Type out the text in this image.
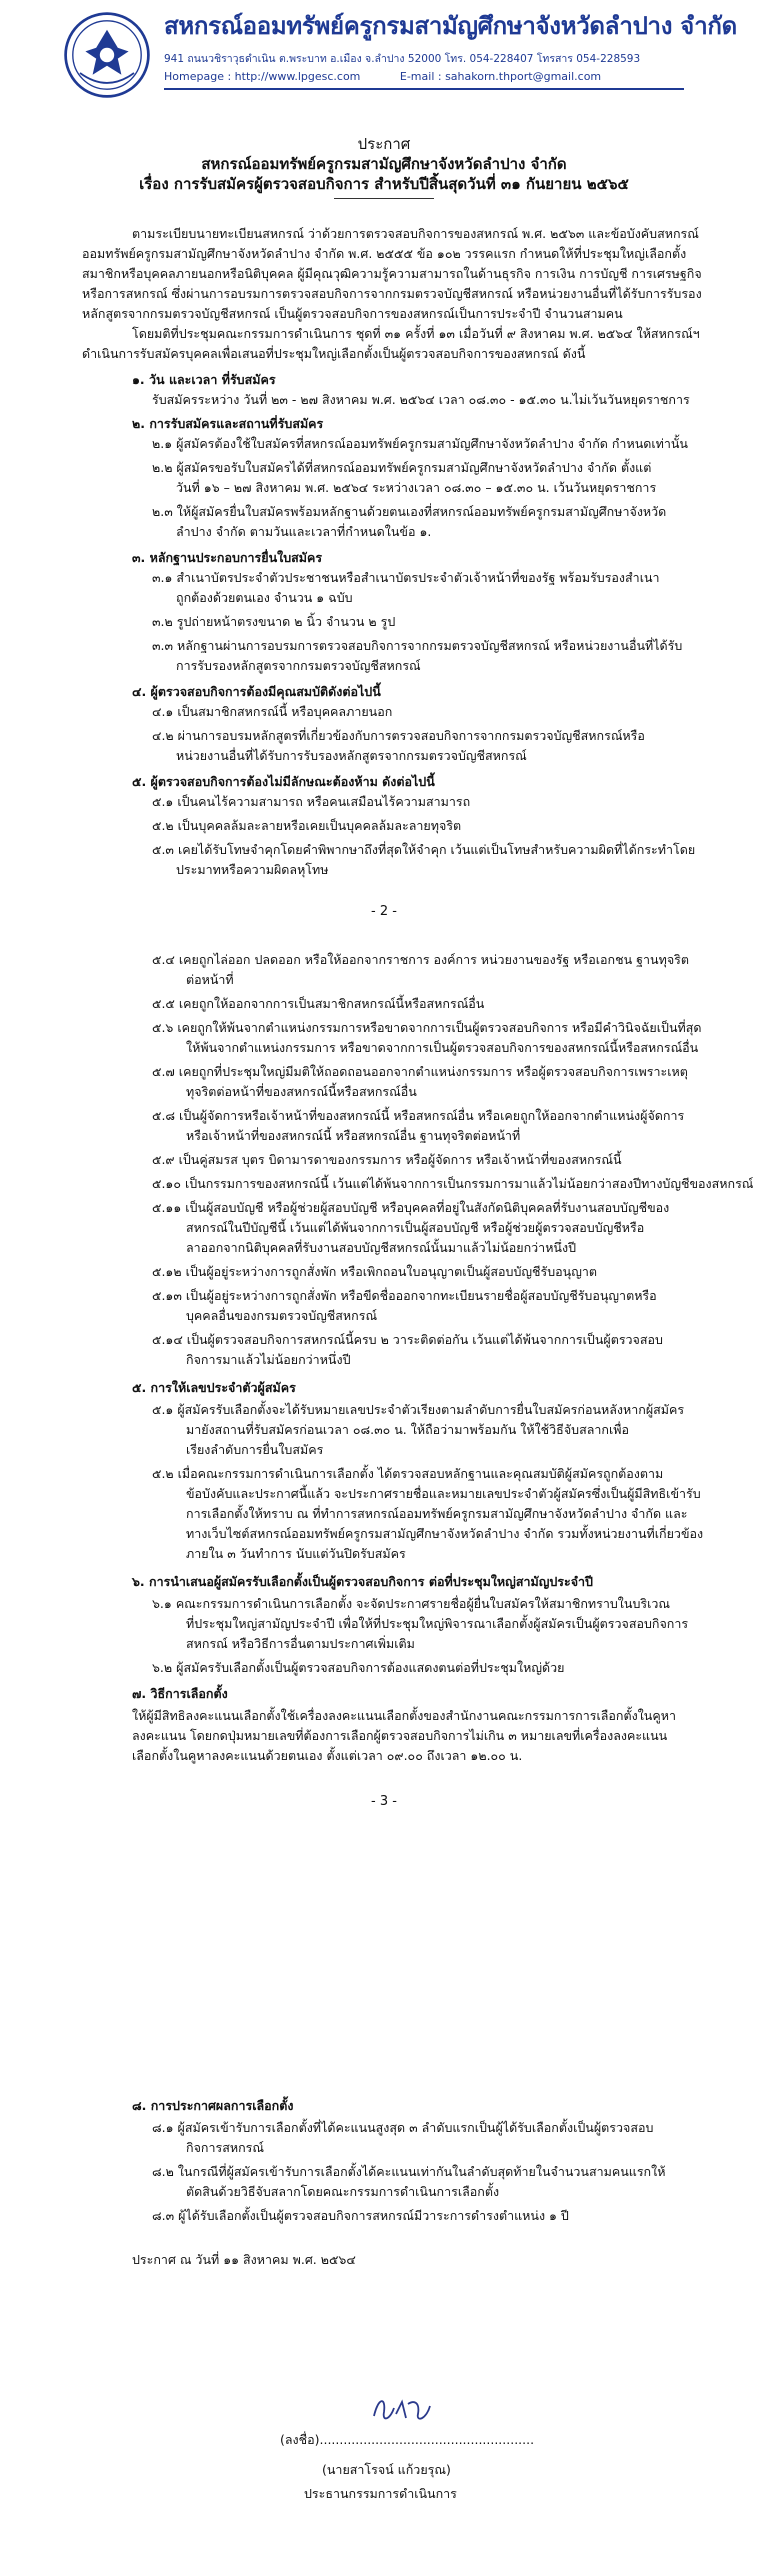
สหกรณ์ออมทรัพย์ครูกรมสามัญศึกษาจังหวัดลำปาง จำกัด
941 ถนนวชิราวุธดำเนิน ต.พระบาท อ.เมือง จ.ลำปาง 52000 โทร. 054-228407 โทรสาร 054-228593
Homepage : http://www.lpgesc.com	E-mail : sahakorn.thport@gmail.com
ประกาศ
สหกรณ์ออมทรัพย์ครูกรมสามัญศึกษาจังหวัดลำปาง จำกัด
เรื่อง การรับสมัครผู้ตรวจสอบกิจการ สำหรับปีสิ้นสุดวันที่ ๓๑ กันยายน ๒๕๖๕
ตามระเบียบนายทะเบียนสหกรณ์ ว่าด้วยการตรวจสอบกิจการของสหกรณ์ พ.ศ. ๒๕๖๓ และข้อบังคับสหกรณ์
ออมทรัพย์ครูกรมสามัญศึกษาจังหวัดลำปาง จำกัด พ.ศ. ๒๕๕๕ ข้อ ๑๐๒ วรรคแรก กำหนดให้ที่ประชุมใหญ่เลือกตั้ง
สมาชิกหรือบุคคลภายนอกหรือนิติบุคคล ผู้มีคุณวุฒิความรู้ความสามารถในด้านธุรกิจ การเงิน การบัญชี การเศรษฐกิจ
หรือการสหกรณ์ ซึ่งผ่านการอบรมการตรวจสอบกิจการจากกรมตรวจบัญชีสหกรณ์ หรือหน่วยงานอื่นที่ได้รับการรับรอง
หลักสูตรจากกรมตรวจบัญชีสหกรณ์ เป็นผู้ตรวจสอบกิจการของสหกรณ์เป็นการประจำปี จำนวนสามคน
โดยมติที่ประชุมคณะกรรมการดำเนินการ ชุดที่ ๓๑ ครั้งที่ ๑๓ เมื่อวันที่ ๙ สิงหาคม พ.ศ. ๒๕๖๔ ให้สหกรณ์ฯ
ดำเนินการรับสมัครบุคคลเพื่อเสนอที่ประชุมใหญ่เลือกตั้งเป็นผู้ตรวจสอบกิจการของสหกรณ์ ดังนี้
๑. วัน และเวลา ที่รับสมัคร
รับสมัครระหว่าง วันที่ ๒๓ - ๒๗ สิงหาคม พ.ศ. ๒๕๖๔ เวลา ๐๘.๓๐ - ๑๕.๓๐ น.ไม่เว้นวันหยุดราชการ
๒. การรับสมัครและสถานที่รับสมัคร
๒.๑ ผู้สมัครต้องใช้ใบสมัครที่สหกรณ์ออมทรัพย์ครูกรมสามัญศึกษาจังหวัดลำปาง จำกัด กำหนดเท่านั้น
๒.๒ ผู้สมัครขอรับใบสมัครได้ที่สหกรณ์ออมทรัพย์ครูกรมสามัญศึกษาจังหวัดลำปาง จำกัด ตั้งแต่
วันที่ ๑๖ – ๒๗ สิงหาคม พ.ศ. ๒๕๖๔ ระหว่างเวลา ๐๘.๓๐ – ๑๕.๓๐ น. เว้นวันหยุดราชการ
๒.๓ ให้ผู้สมัครยื่นใบสมัครพร้อมหลักฐานด้วยตนเองที่สหกรณ์ออมทรัพย์ครูกรมสามัญศึกษาจังหวัด
ลำปาง จำกัด ตามวันและเวลาที่กำหนดในข้อ ๑.
๓. หลักฐานประกอบการยื่นใบสมัคร
๓.๑ สำเนาบัตรประจำตัวประชาชนหรือสำเนาบัตรประจำตัวเจ้าหน้าที่ของรัฐ พร้อมรับรองสำเนา
ถูกต้องด้วยตนเอง จำนวน ๑ ฉบับ
๓.๒ รูปถ่ายหน้าตรงขนาด ๒ นิ้ว จำนวน ๒ รูป
๓.๓ หลักฐานผ่านการอบรมการตรวจสอบกิจการจากกรมตรวจบัญชีสหกรณ์ หรือหน่วยงานอื่นที่ได้รับ
การรับรองหลักสูตรจากกรมตรวจบัญชีสหกรณ์
๔. ผู้ตรวจสอบกิจการต้องมีคุณสมบัติดังต่อไปนี้
๔.๑ เป็นสมาชิกสหกรณ์นี้ หรือบุคคลภายนอก
๔.๒ ผ่านการอบรมหลักสูตรที่เกี่ยวข้องกับการตรวจสอบกิจการจากกรมตรวจบัญชีสหกรณ์หรือ
หน่วยงานอื่นที่ได้รับการรับรองหลักสูตรจากกรมตรวจบัญชีสหกรณ์
๕. ผู้ตรวจสอบกิจการต้องไม่มีลักษณะต้องห้าม ดังต่อไปนี้
๕.๑ เป็นคนไร้ความสามารถ หรือคนเสมือนไร้ความสามารถ
๕.๒ เป็นบุคคลล้มละลายหรือเคยเป็นบุคคลล้มละลายทุจริต
๕.๓ เคยได้รับโทษจำคุกโดยคำพิพากษาถึงที่สุดให้จำคุก เว้นแต่เป็นโทษสำหรับความผิดที่ได้กระทำโดย
ประมาทหรือความผิดลหุโทษ
- 2 -
๕.๔ เคยถูกไล่ออก ปลดออก หรือให้ออกจากราชการ องค์การ หน่วยงานของรัฐ หรือเอกชน ฐานทุจริต
ต่อหน้าที่
๕.๕ เคยถูกให้ออกจากการเป็นสมาชิกสหกรณ์นี้หรือสหกรณ์อื่น
๕.๖ เคยถูกให้พ้นจากตำแหน่งกรรมการหรือขาดจากการเป็นผู้ตรวจสอบกิจการ หรือมีคำวินิจฉัยเป็นที่สุด
ให้พ้นจากตำแหน่งกรรมการ หรือขาดจากการเป็นผู้ตรวจสอบกิจการของสหกรณ์นี้หรือสหกรณ์อื่น
๕.๗ เคยถูกที่ประชุมใหญ่มีมติให้ถอดถอนออกจากตำแหน่งกรรมการ หรือผู้ตรวจสอบกิจการเพราะเหตุ
ทุจริตต่อหน้าที่ของสหกรณ์นี้หรือสหกรณ์อื่น
๕.๘ เป็นผู้จัดการหรือเจ้าหน้าที่ของสหกรณ์นี้ หรือสหกรณ์อื่น หรือเคยถูกให้ออกจากตำแหน่งผู้จัดการ
หรือเจ้าหน้าที่ของสหกรณ์นี้ หรือสหกรณ์อื่น ฐานทุจริตต่อหน้าที่
๕.๙ เป็นคู่สมรส บุตร บิดามารดาของกรรมการ หรือผู้จัดการ หรือเจ้าหน้าที่ของสหกรณ์นี้
๕.๑๐ เป็นกรรมการของสหกรณ์นี้ เว้นแต่ได้พ้นจากการเป็นกรรมการมาแล้วไม่น้อยกว่าสองปีทางบัญชีของสหกรณ์
๕.๑๑ เป็นผู้สอบบัญชี หรือผู้ช่วยผู้สอบบัญชี หรือบุคคลที่อยู่ในสังกัดนิติบุคคลที่รับงานสอบบัญชีของ
สหกรณ์ในปีบัญชีนี้ เว้นแต่ได้พ้นจากการเป็นผู้สอบบัญชี หรือผู้ช่วยผู้ตรวจสอบบัญชีหรือ
ลาออกจากนิติบุคคลที่รับงานสอบบัญชีสหกรณ์นั้นมาแล้วไม่น้อยกว่าหนึ่งปี
๕.๑๒ เป็นผู้อยู่ระหว่างการถูกสั่งพัก หรือเพิกถอนใบอนุญาตเป็นผู้สอบบัญชีรับอนุญาต
๕.๑๓ เป็นผู้อยู่ระหว่างการถูกสั่งพัก หรือขีดชื่อออกจากทะเบียนรายชื่อผู้สอบบัญชีรับอนุญาตหรือ
บุคคลอื่นของกรมตรวจบัญชีสหกรณ์
๕.๑๔ เป็นผู้ตรวจสอบกิจการสหกรณ์นี้ครบ ๒ วาระติดต่อกัน เว้นแต่ได้พ้นจากการเป็นผู้ตรวจสอบ
กิจการมาแล้วไม่น้อยกว่าหนึ่งปี
๕. การให้เลขประจำตัวผู้สมัคร
๕.๑ ผู้สมัครรับเลือกตั้งจะได้รับหมายเลขประจำตัวเรียงตามลำดับการยื่นใบสมัครก่อนหลังหากผู้สมัคร
มายังสถานที่รับสมัครก่อนเวลา ๐๘.๓๐ น. ให้ถือว่ามาพร้อมกัน ให้ใช้วิธีจับสลากเพื่อ
เรียงลำดับการยื่นใบสมัคร
๕.๒ เมื่อคณะกรรมการดำเนินการเลือกตั้ง ได้ตรวจสอบหลักฐานและคุณสมบัติผู้สมัครถูกต้องตาม
ข้อบังคับและประกาศนี้แล้ว จะประกาศรายชื่อและหมายเลขประจำตัวผู้สมัครซึ่งเป็นผู้มีสิทธิเข้ารับ
การเลือกตั้งให้ทราบ ณ ที่ทำการสหกรณ์ออมทรัพย์ครูกรมสามัญศึกษาจังหวัดลำปาง จำกัด และ
ทางเว็บไซต์สหกรณ์ออมทรัพย์ครูกรมสามัญศึกษาจังหวัดลำปาง จำกัด รวมทั้งหน่วยงานที่เกี่ยวข้อง
ภายใน ๓ วันทำการ นับแต่วันปิดรับสมัคร
๖. การนำเสนอผู้สมัครรับเลือกตั้งเป็นผู้ตรวจสอบกิจการ ต่อที่ประชุมใหญ่สามัญประจำปี
๖.๑ คณะกรรมการดำเนินการเลือกตั้ง จะจัดประกาศรายชื่อผู้ยื่นใบสมัครให้สมาชิกทราบในบริเวณ
ที่ประชุมใหญ่สามัญประจำปี เพื่อให้ที่ประชุมใหญ่พิจารณาเลือกตั้งผู้สมัครเป็นผู้ตรวจสอบกิจการ
สหกรณ์ หรือวิธีการอื่นตามประกาศเพิ่มเติม
๖.๒ ผู้สมัครรับเลือกตั้งเป็นผู้ตรวจสอบกิจการต้องแสดงตนต่อที่ประชุมใหญ่ด้วย
๗. วิธีการเลือกตั้ง
ให้ผู้มีสิทธิลงคะแนนเลือกตั้งใช้เครื่องลงคะแนนเลือกตั้งของสำนักงานคณะกรรมการการเลือกตั้งในคูหา
ลงคะแนน โดยกดปุ่มหมายเลขที่ต้องการเลือกผู้ตรวจสอบกิจการไม่เกิน ๓ หมายเลขที่เครื่องลงคะแนน
เลือกตั้งในคูหาลงคะแนนด้วยตนเอง ตั้งแต่เวลา ๐๙.๐๐ ถึงเวลา ๑๒.๐๐ น.
- 3 -
๘. การประกาศผลการเลือกตั้ง
๘.๑ ผู้สมัครเข้ารับการเลือกตั้งที่ได้คะแนนสูงสุด ๓ ลำดับแรกเป็นผู้ได้รับเลือกตั้งเป็นผู้ตรวจสอบ
กิจการสหกรณ์
๘.๒ ในกรณีที่ผู้สมัครเข้ารับการเลือกตั้งได้คะแนนเท่ากันในลำดับสุดท้ายในจำนวนสามคนแรกให้
ตัดสินด้วยวิธีจับสลากโดยคณะกรรมการดำเนินการเลือกตั้ง
๘.๓ ผู้ได้รับเลือกตั้งเป็นผู้ตรวจสอบกิจการสหกรณ์มีวาระการดำรงตำแหน่ง ๑ ปี
ประกาศ ณ วันที่ ๑๑ สิงหาคม พ.ศ. ๒๕๖๔
(ลงชื่อ)......................................................
(นายสาโรจน์ แก้วยรุณ)
ประธานกรรมการดำเนินการ
